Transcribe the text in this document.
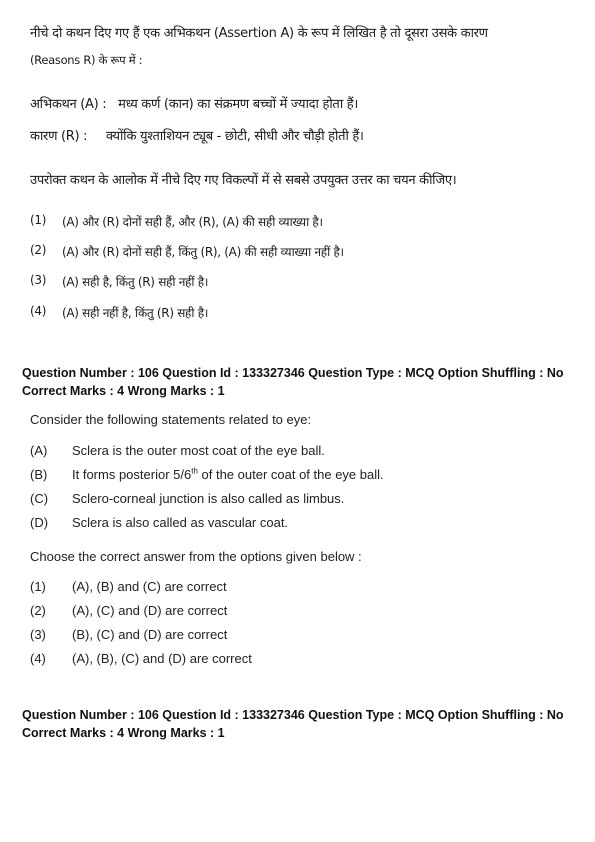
नीचे दो कथन दिए गए हैं एक अभिकथन (Assertion A) के रूप में लिखित है तो दूसरा उसके कारण
(Reasons R) के रूप में :
अभिकथन (A) : मध्य कर्ण (कान) का संक्रमण बच्चों में ज्यादा होता हैं।
कारण (R) : क्योंकि युश्ताशियन ट्यूब - छोटी, सीधी और चौड़ी होती हैं।
उपरोक्त कथन के आलोक में नीचे दिए गए विकल्पों में से सबसे उपयुक्त उत्तर का चयन कीजिए।
(1) (A) और (R) दोनों सही हैं, और (R), (A) की सही व्याख्या है।
(2) (A) और (R) दोनों सही हैं, किंतु (R), (A) की सही व्याख्या नहीं है।
(3) (A) सही है, किंतु (R) सही नहीं है।
(4) (A) सही नहीं है, किंतु (R) सही है।
Question Number : 106 Question Id : 133327346 Question Type : MCQ Option Shuffling : No
Correct Marks : 4 Wrong Marks : 1
Consider the following statements related to eye:
(A) Sclera is the outer most coat of the eye ball.
(B) It forms posterior 5/6th of the outer coat of the eye ball.
(C) Sclero-corneal junction is also called as limbus.
(D) Sclera is also called as vascular coat.
Choose the correct answer from the options given below :
(1) (A), (B) and (C) are correct
(2) (A), (C) and (D) are correct
(3) (B), (C) and (D) are correct
(4) (A), (B), (C) and (D) are correct
Question Number : 106 Question Id : 133327346 Question Type : MCQ Option Shuffling : No
Correct Marks : 4 Wrong Marks : 1
